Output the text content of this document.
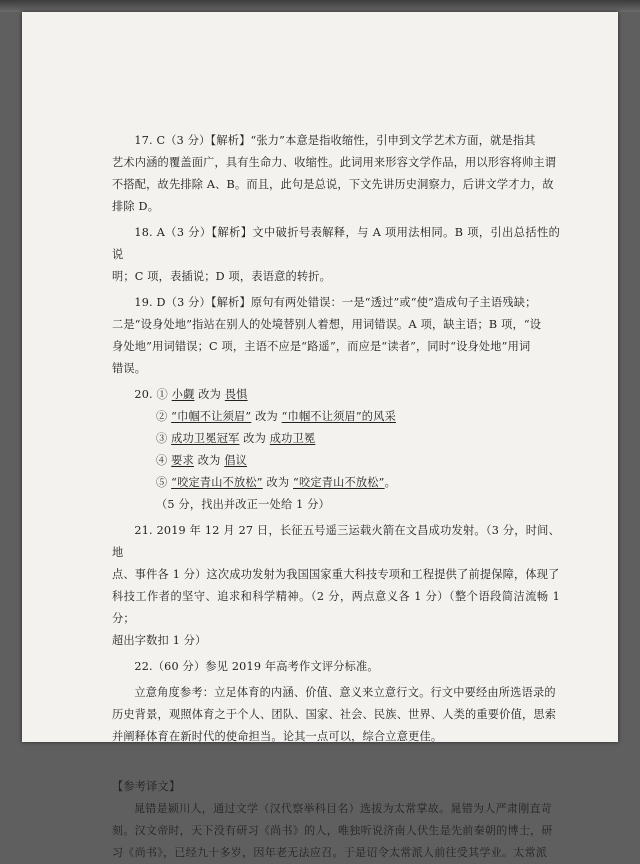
17. C（3 分）【解析】“张力”本意是指收缩性，引申到文学艺术方面，就是指其

艺术内涵的覆盖面广，具有生命力、收缩性。此词用来形容文学作品，用以形容将帅主谓

不搭配，故先排除 A、B。而且，此句是总说，下文先讲历史洞察力，后讲文学才力，故

排除 D。

18. A（3 分）【解析】文中破折号表解释，与 A 项用法相同。B 项，引出总括性的说

明；C 项，表插说；D 项，表语意的转折。

19. D（3 分）【解析】原句有两处错误：一是“透过”或“使”造成句子主语残缺；

二是“设身处地”指站在别人的处境替别人着想，用词错误。A 项，缺主语；B 项，“设

身处地”用词错误；C 项，主语不应是“路遥”，而应是“读者”，同时“设身处地”用词

错误。

20. ① 小觑 改为 畏惧
② “巾帼不让须眉” 改为 “巾帼不让须眉”的风采
③ 成功卫冕冠军 改为 成功卫冕
④ 要求 改为 倡议
⑤ “咬定青山不放松” 改为 “咬定青山不放松”。
（5 分，找出并改正一处给 1 分）

21. 2019 年 12 月 27 日，长征五号遥三运载火箭在文昌成功发射。（3 分，时间、地

点、事件各 1 分）这次成功发射为我国国家重大科技专项和工程提供了前提保障，体现了

科技工作者的坚守、追求和科学精神。（2 分，两点意义各 1 分）（整个语段简洁流畅 1 分；

超出字数扣 1 分）

22.（60 分）参见 2019 年高考作文评分标准。

立意角度参考：立足体育的内涵、价值、意义来立意行文。行文中要经由所选语录的

历史背景，观照体育之于个人、团队、国家、社会、民族、世界、人类的重要价值，思索

并阐释体育在新时代的使命担当。论其一点可以，综合立意更佳。

【参考译文】

晁错是颍川人，通过文学（汉代察举科目名）选拔为太常掌故。晁错为人严肃刚直苛

刻。汉文帝时，天下没有研习《尚书》的人，唯独听说济南人伏生是先前秦朝的博士，研

习《尚书》，已经九十多岁，因年老无法应召。于是诏令太常派人前往受其学业。太常派
